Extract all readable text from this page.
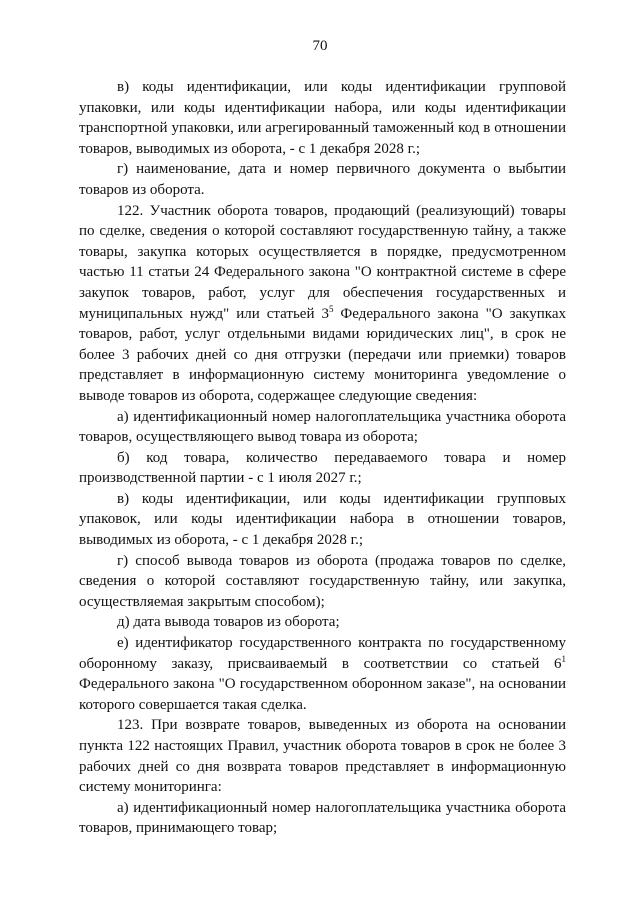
70

в) коды идентификации, или коды идентификации групповой упаковки, или коды идентификации набора, или коды идентификации транспортной упаковки, или агрегированный таможенный код в отношении товаров, выводимых из оборота, - с 1 декабря 2028 г.;

г) наименование, дата и номер первичного документа о выбытии товаров из оборота.

122. Участник оборота товаров, продающий (реализующий) товары по сделке, сведения о которой составляют государственную тайну, а также товары, закупка которых осуществляется в порядке, предусмотренном частью 11 статьи 24 Федерального закона "О контрактной системе в сфере закупок товаров, работ, услуг для обеспечения государственных и муниципальных нужд" или статьей $3^5$ Федерального закона "О закупках товаров, работ, услуг отдельными видами юридических лиц", в срок не более 3 рабочих дней со дня отгрузки (передачи или приемки) товаров представляет в информационную систему мониторинга уведомление о выводе товаров из оборота, содержащее следующие сведения:

а) идентификационный номер налогоплательщика участника оборота товаров, осуществляющего вывод товара из оборота;

б) код товара, количество передаваемого товара и номер производственной партии - с 1 июля 2027 г.;

в) коды идентификации, или коды идентификации групповых упаковок, или коды идентификации набора в отношении товаров, выводимых из оборота, - с 1 декабря 2028 г.;

г) способ вывода товаров из оборота (продажа товаров по сделке, сведения о которой составляют государственную тайну, или закупка, осуществляемая закрытым способом);

д) дата вывода товаров из оборота;

е) идентификатор государственного контракта по государственному оборонному заказу, присваиваемый в соответствии со статьей $6^1$ Федерального закона "О государственном оборонном заказе", на основании которого совершается такая сделка.

123. При возврате товаров, выведенных из оборота на основании пункта 122 настоящих Правил, участник оборота товаров в срок не более 3 рабочих дней со дня возврата товаров представляет в информационную систему мониторинга:

а) идентификационный номер налогоплательщика участника оборота товаров, принимающего товар;
